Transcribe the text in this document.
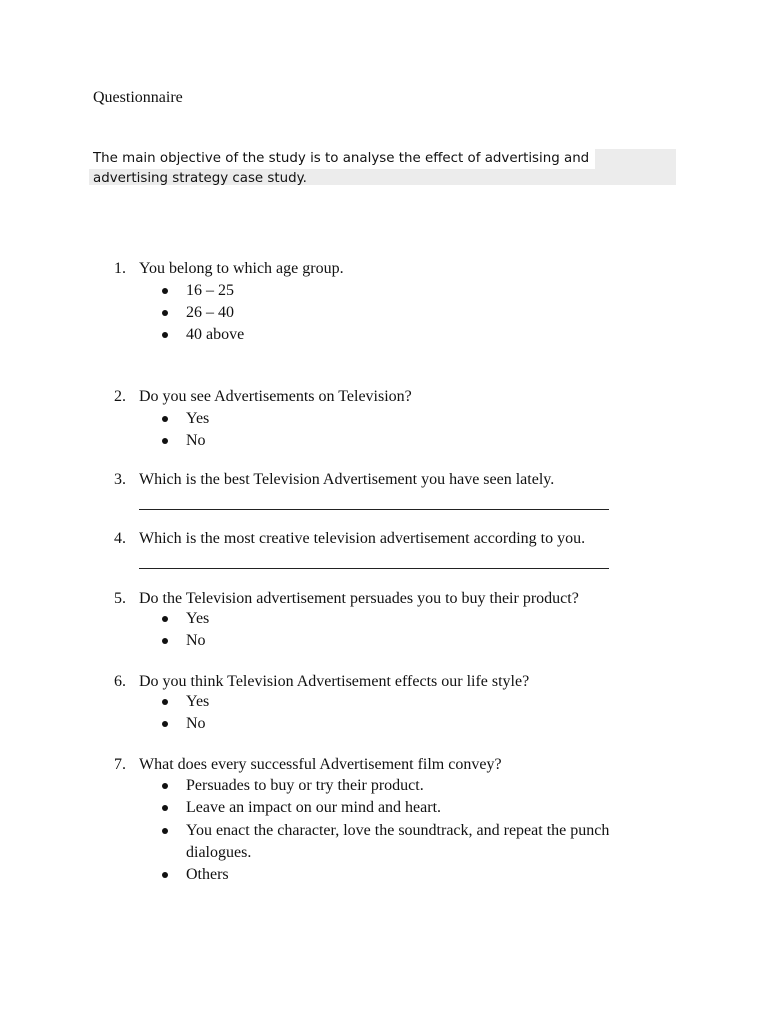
Questionnaire
The main objective of the study is to analyse the effect of advertising and
advertising strategy case study.
1. You belong to which age group.
16 – 25
26 – 40
40 above
2. Do you see Advertisements on Television?
Yes
No
3. Which is the best Television Advertisement you have seen lately.
4. Which is the most creative television advertisement according to you.
5. Do the Television advertisement persuades you to buy their product?
Yes
No
6. Do you think Television Advertisement effects our life style?
Yes
No
7. What does every successful Advertisement film convey?
Persuades to buy or try their product.
Leave an impact on our mind and heart.
You enact the character, love the soundtrack, and repeat the punch dialogues.
Others
